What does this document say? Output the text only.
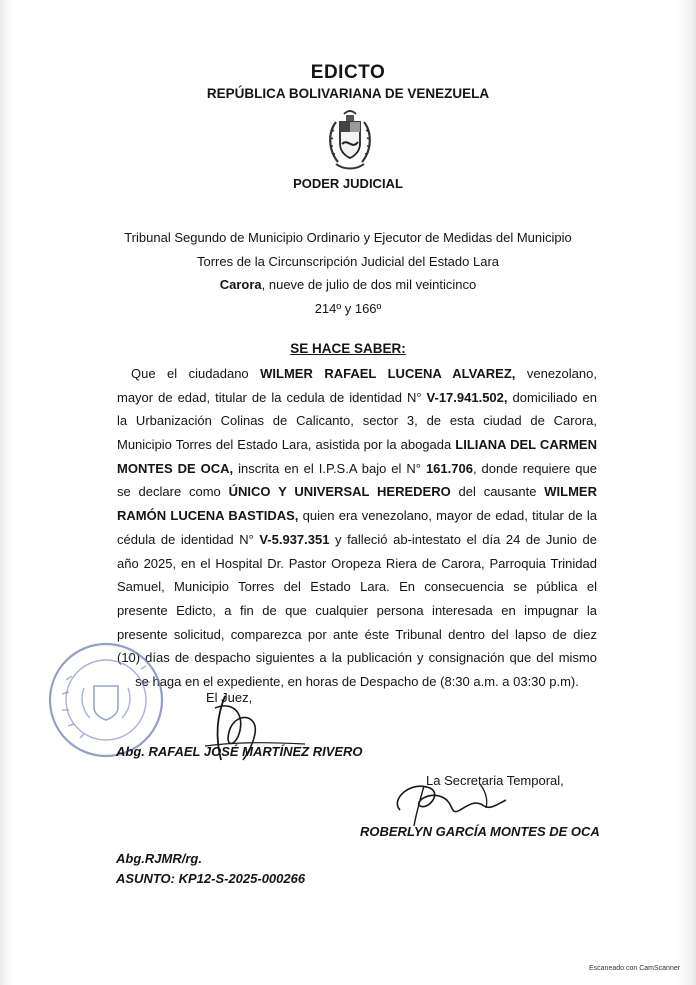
EDICTO
REPÚBLICA BOLIVARIANA DE VENEZUELA
PODER JUDICIAL
Tribunal Segundo de Municipio Ordinario y Ejecutor de Medidas del Municipio
Torres de la Circunscripción Judicial del Estado Lara
Carora, nueve de julio de dos mil veinticinco
214º y 166º
SE HACE SABER:
Que el ciudadano WILMER RAFAEL LUCENA ALVAREZ, venezolano,
mayor de edad, titular de la cedula de identidad N° V-17.941.502, domiciliado en
la Urbanización Colinas de Calicanto, sector 3, de esta ciudad de Carora,
Municipio Torres del Estado Lara, asistida por la abogada LILIANA DEL CARMEN
MONTES DE OCA, inscrita en el I.P.S.A bajo el N° 161.706, donde requiere que
se declare como ÚNICO Y UNIVERSAL HEREDERO del causante WILMER
RAMÓN LUCENA BASTIDAS, quien era venezolano, mayor de edad, titular de la
cédula de identidad N° V-5.937.351 y falleció ab-intestato el día 24 de Junio de
año 2025, en el Hospital Dr. Pastor Oropeza Riera de Carora, Parroquia Trinidad
Samuel, Municipio Torres del Estado Lara. En consecuencia se pública el
presente Edicto, a fin de que cualquier persona interesada en impugnar la
presente solicitud, comparezca por ante éste Tribunal dentro del lapso de diez
(10) días de despacho siguientes a la publicación y consignación que del mismo
se haga en el expediente, en horas de Despacho de (8:30 a.m. a 03:30 p.m).
El Juez,
Abg. RAFAEL JOSÉ MARTÍNEZ RIVERO
La Secretaria Temporal,
ROBERLYN GARCÍA MONTES DE OCA
Abg.RJMR/rg.
ASUNTO: KP12-S-2025-000266
Escaneado con CamScanner
